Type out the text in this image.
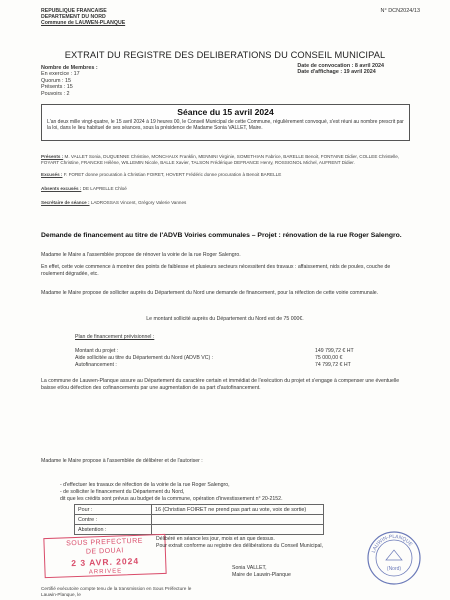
REPUBLIQUE FRANCAISE
DEPARTEMENT DU NORD
Commune de LAUWEN-PLANQUE
N° DCN2024/13
EXTRAIT DU REGISTRE DES DELIBERATIONS DU CONSEIL MUNICIPAL
Nombre de Membres :
En exercice : 17
Quorum : 15
Présents : 15
Pouvoirs : 2
Date de convocation : 8 avril 2024
Date d'affichage : 19 avril 2024
Séance du 15 avril 2024
L'an deux mille vingt-quatre, le 15 avril 2024 à 19 heures 00, le Conseil Municipal de cette Commune, régulièrement convoqué, s'est réuni au nombre prescrit par la loi, dans le lieu habituel de ses séances, sous la présidence de Madame Sonia VALLET, Maire.
Présents : M. VALLET Sonia, DUQUENNE Christine, MONCHAUX Franklin, MENNINI Virginie, SOMETHIAN Fabrice, BARELLE Benoit, FONTAINE Didier, COLLEE Christelle, FOYART Christine, FRANCKE Hélène, WILLEMIN Nicole, BALLE Xavier, TALSON Frédérique DEFRANCE Henry, ROSSIGNOL Michel, AUFRENT Didier.
Excusés : F. FORET donne procuration à Christian FOIRET, HOVERT Frédéric donne procuration à Benoit BARELLE
Absents excusés : DE LAPRELLE Chloé
Secrétaire de séance : LADROSSAS Vincent, Grégory Valerie Vannes
Demande de financement au titre de l'ADVB Voiries communales – Projet : rénovation de la rue Roger Salengro.
Madame le Maire a l'assemblée propose de rénover la voirie de la rue Roger Salengro.
En effet, cette voie commence à montrer des points de faiblesse et plusieurs secteurs nécessitent des travaux : affaissement, nids de poules, couche de roulement dégradée, etc.
Madame le Maire propose de solliciter auprès du Département du Nord une demande de financement, pour la réfection de cette voirie communale.
Le montant sollicité auprès du Département du Nord est de 75 000€.
Plan de financement prévisionnel :
Montant du projet :	149 799,72 € HT
Aide sollicitée au titre du Département du Nord (ADVB VC) :	75 000,00 €
Autofinancement :	74 799,72 € HT
La commune de Lauwen-Planque assure au Département du caractère certain et immédiat de l'exécution du projet et s'engage à compenser une éventuelle baisse et/ou défection des cofinancements par une augmentation de sa part d'autofinancement.
Madame le Maire propose à l'assemblée de délibérer et de l'autoriser :
- d'effectuer les travaux de réfection de la voirie de la rue Roger Salengro,
- de solliciter le financement du Département du Nord,
dit que les crédits sont prévus au budget de la commune, opération d'investissement n° 20-2152.
Pour :	16 (Christian FOIRET ne prend pas part au vote, voix de sortie)
Contre :	
Abstention :	
SOUS PREFECTURE
DE DOUAI
2 3 AVR. 2024
ARRIVEE
Délibéré en séance les jour, mois et an que dessus.
Pour extrait conforme au registre des délibérations du Conseil Municipal,
Sonia VALLET,
Maire de Lauwin-Planque
LAUWIN-PLANQUE
(Nord)
Certifié exécutoire compte tenu de la transmission en Sous Préfecture le
Lauwin-Planque, le
